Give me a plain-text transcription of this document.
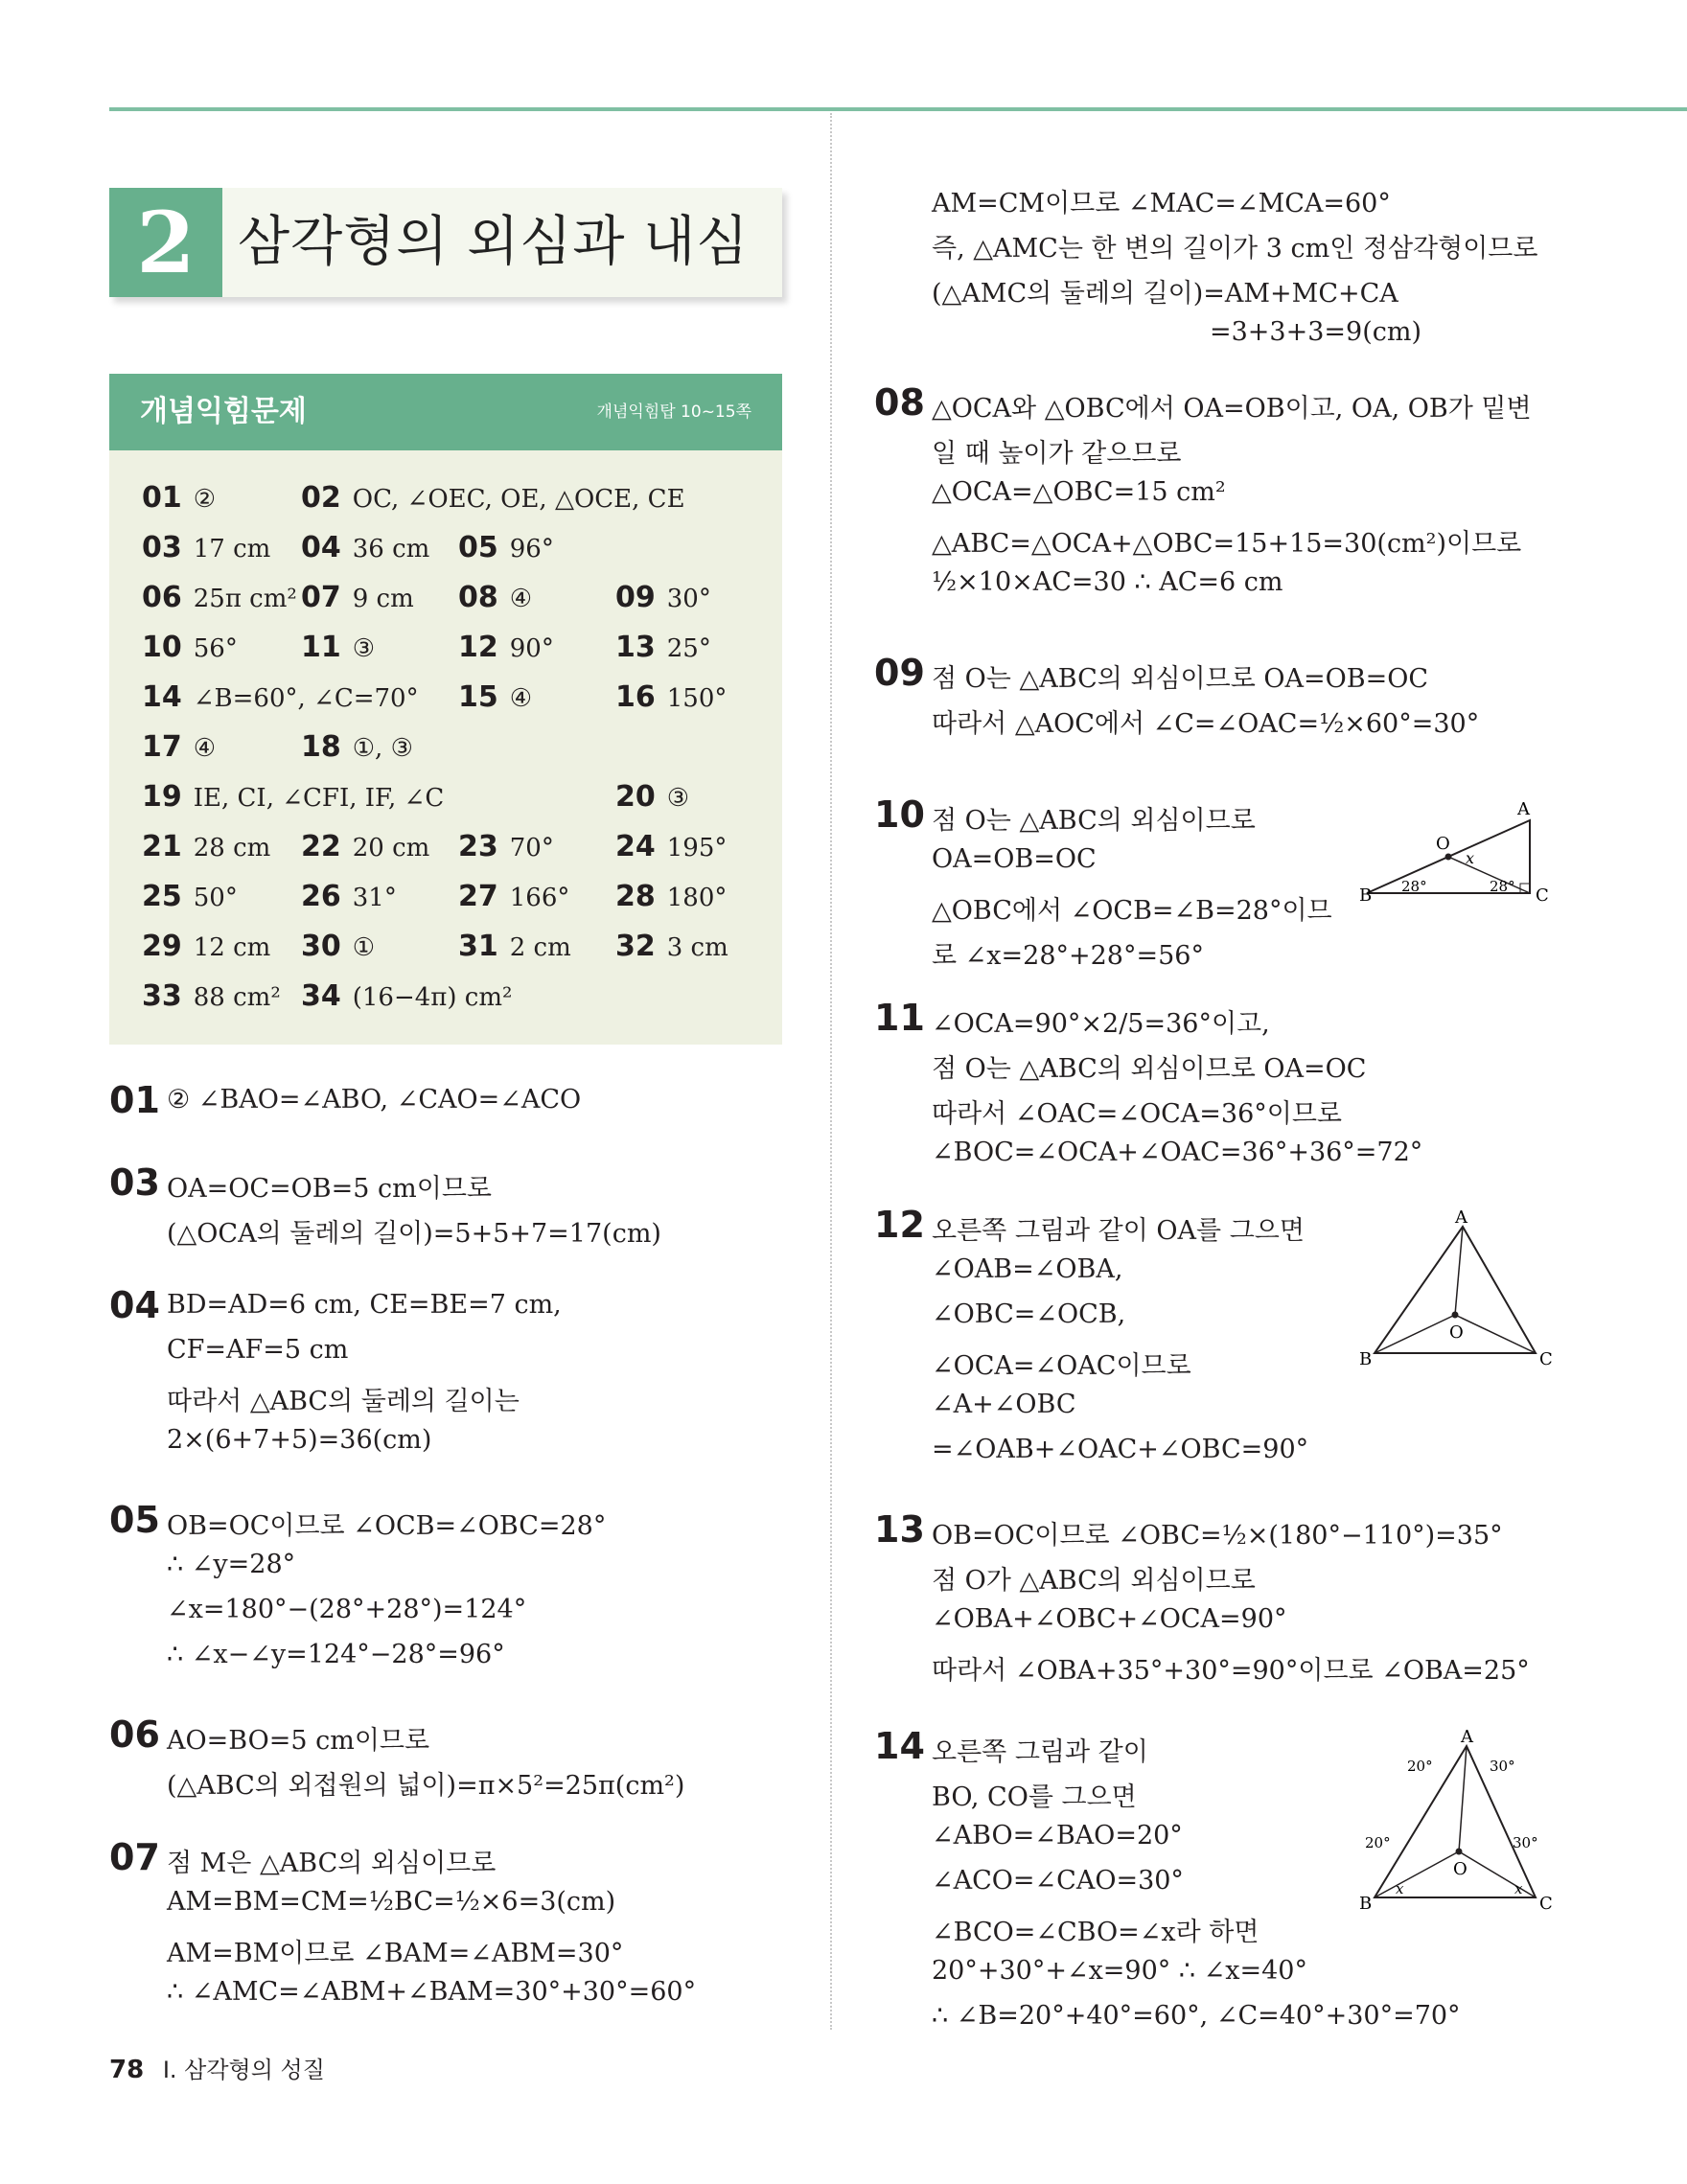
2 삼각형의 외심과 내심
개념익힘문제	개념익힘탑 10~15쪽
01 ②	02 OC, ∠OEC, OE, △OCE, CE
03 17 cm 04 36 cm 05 96°
06 25π cm² 07 9 cm 08 ④	09 30°
10 56° 11 ③	12 90° 13 25°
14 ∠B=60°, ∠C=70° 15 ④	16 150°
17 ④	18 ①, ③
19 IE, CI, ∠CFI, IF, ∠C	20 ③
21 28 cm 22 20 cm 23 70° 24 195°
25 50° 26 31° 27 166° 28 180°
29 12 cm 30 ①	31 2 cm 32 3 cm
33 88 cm² 34 (16−4π) cm²
01 ② ∠BAO=∠ABO, ∠CAO=∠ACO
03 OA=OC=OB=5 cm이므로
(△OCA의 둘레의 길이)=5+5+7=17(cm)
04 BD=AD=6 cm, CE=BE=7 cm,
CF=AF=5 cm
따라서 △ABC의 둘레의 길이는
2×(6+7+5)=36(cm)
05 OB=OC이므로 ∠OCB=∠OBC=28°
∴ ∠y=28°
∠x=180°−(28°+28°)=124°
∴ ∠x−∠y=124°−28°=96°
06 AO=BO=5 cm이므로
(△ABC의 외접원의 넓이)=π×5²=25π(cm²)
07 점 M은 △ABC의 외심이므로
AM=BM=CM=½BC=½×6=3(cm)
AM=BM이므로 ∠BAM=∠ABM=30°
∴ ∠AMC=∠ABM+∠BAM=30°+30°=60°
AM=CM이므로 ∠MAC=∠MCA=60°
즉, △AMC는 한 변의 길이가 3 cm인 정삼각형이므로
(△AMC의 둘레의 길이)=AM+MC+CA
=3+3+3=9(cm)
08 △OCA와 △OBC에서 OA=OB이고, OA, OB가 밑변
일 때 높이가 같으므로
△OCA=△OBC=15 cm²
△ABC=△OCA+△OBC=15+15=30(cm²)이므로
½×10×AC=30 ∴ AC=6 cm
09 점 O는 △ABC의 외심이므로 OA=OB=OC
따라서 △AOC에서 ∠C=∠OAC=½×60°=30°
10 점 O는 △ABC의 외심이므로
OA=OB=OC
△OBC에서 ∠OCB=∠B=28°이므
로 ∠x=28°+28°=56°
11 ∠OCA=90°×2/5=36°이고,
점 O는 △ABC의 외심이므로 OA=OC
따라서 ∠OAC=∠OCA=36°이므로
∠BOC=∠OCA+∠OAC=36°+36°=72°
12 오른쪽 그림과 같이 OA를 그으면
∠OAB=∠OBA,
∠OBC=∠OCB,
∠OCA=∠OAC이므로
∠A+∠OBC
=∠OAB+∠OAC+∠OBC=90°
13 OB=OC이므로 ∠OBC=½×(180°−110°)=35°
점 O가 △ABC의 외심이므로
∠OBA+∠OBC+∠OCA=90°
따라서 ∠OBA+35°+30°=90°이므로 ∠OBA=25°
14 오른쪽 그림과 같이
BO, CO를 그으면
∠ABO=∠BAO=20°
∠ACO=∠CAO=30°
∠BCO=∠CBO=∠x라 하면
20°+30°+∠x=90° ∴ ∠x=40°
∴ ∠B=20°+40°=60°, ∠C=40°+30°=70°
A
B	C
O
x
28°	28°
A
B	C
O
A
B	C
O
x	x
20°	30°
20°	30°
78 Ⅰ. 삼각형의 성질
